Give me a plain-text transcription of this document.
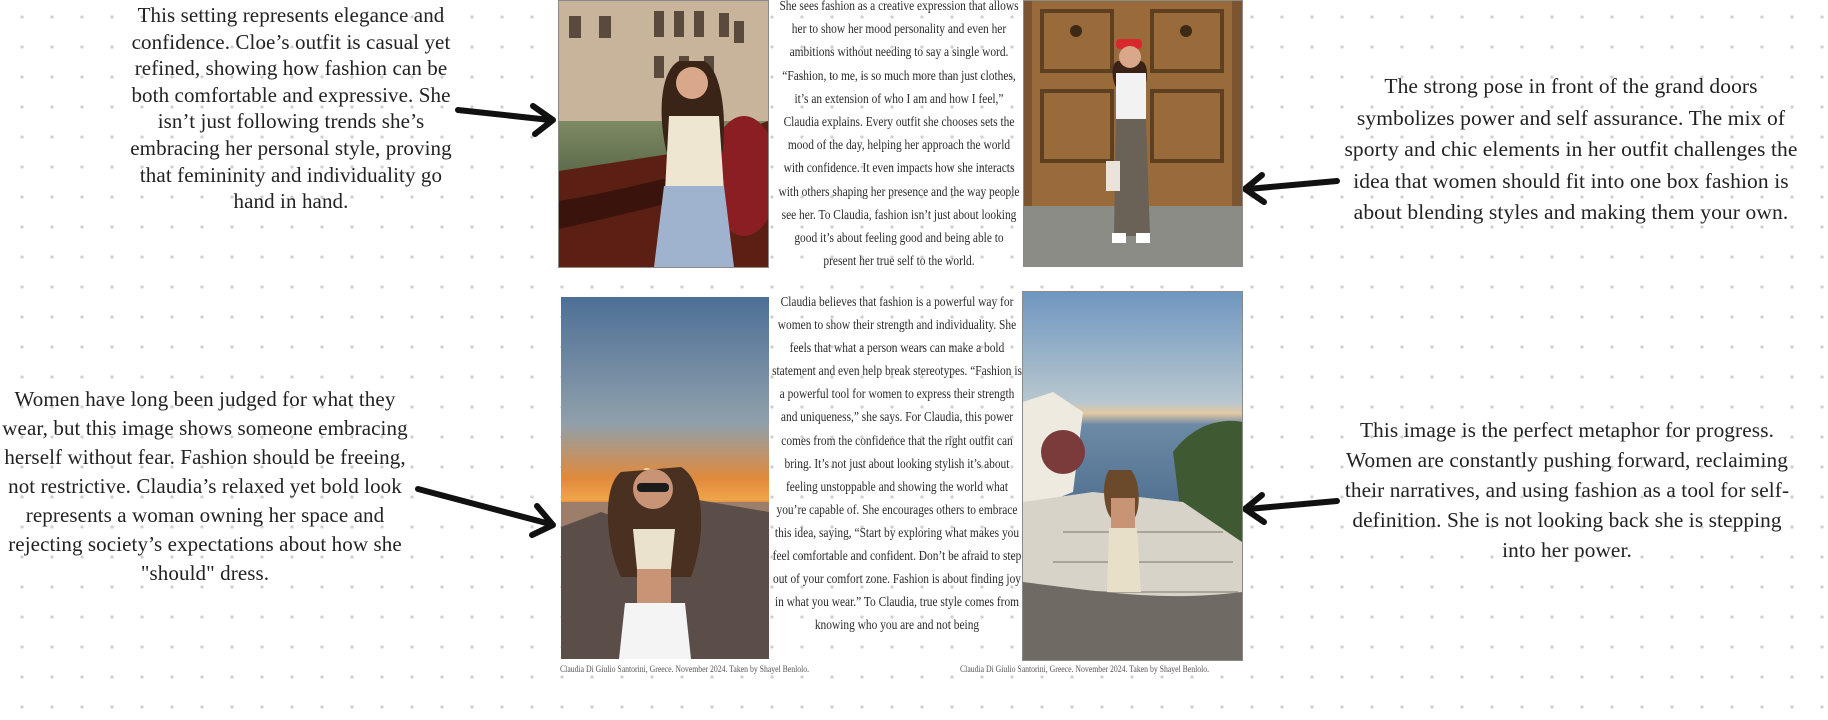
This setting represents elegance and confidence. Cloe’s outfit is casual yet refined, showing how fashion can be both comfortable and expressive. She isn’t just following trends she’s embracing her personal style, proving that femininity and individuality go hand in hand.
The strong pose in front of the grand doors symbolizes power and self assurance. The mix of sporty and chic elements in her outfit challenges the idea that women should fit into one box fashion is about blending styles and making them your own.
Women have long been judged for what they wear, but this image shows someone embracing herself without fear. Fashion should be freeing, not restrictive. Claudia’s relaxed yet bold look represents a woman owning her space and rejecting society’s expectations about how she "should" dress.
This image is the perfect metaphor for progress. Women are constantly pushing forward, reclaiming their narratives, and using fashion as a tool for self-definition. She is not looking back she is stepping into her power.
She sees fashion as a creative expression that allows her to show her mood personality and even her ambitions without needing to say a single word. “Fashion, to me, is so much more than just clothes, it’s an extension of who I am and how I feel,” Claudia explains. Every outfit she chooses sets the mood of the day, helping her approach the world with confidence. It even impacts how she interacts with others shaping her presence and the way people see her. To Claudia, fashion isn’t just about looking good it’s about feeling good and being able to present her true self to the world.
Claudia believes that fashion is a powerful way for women to show their strength and individuality. She feels that what a person wears can make a bold statement and even help break stereotypes. “Fashion is a powerful tool for women to express their strength and uniqueness,” she says. For Claudia, this power comes from the confidence that the right outfit can bring. It’s not just about looking stylish it’s about feeling unstoppable and showing the world what you’re capable of. She encourages others to embrace this idea, saying, “Start by exploring what makes you feel comfortable and confident. Don’t be afraid to step out of your comfort zone. Fashion is about finding joy in what you wear.” To Claudia, true style comes from knowing who you are and not being
Claudia Di Giulio Santorini, Greece. November 2024. Taken by Shayel Benlolo.	Claudia Di Giulio Santorini, Greece. November 2024. Taken by Shayel Benlolo.
